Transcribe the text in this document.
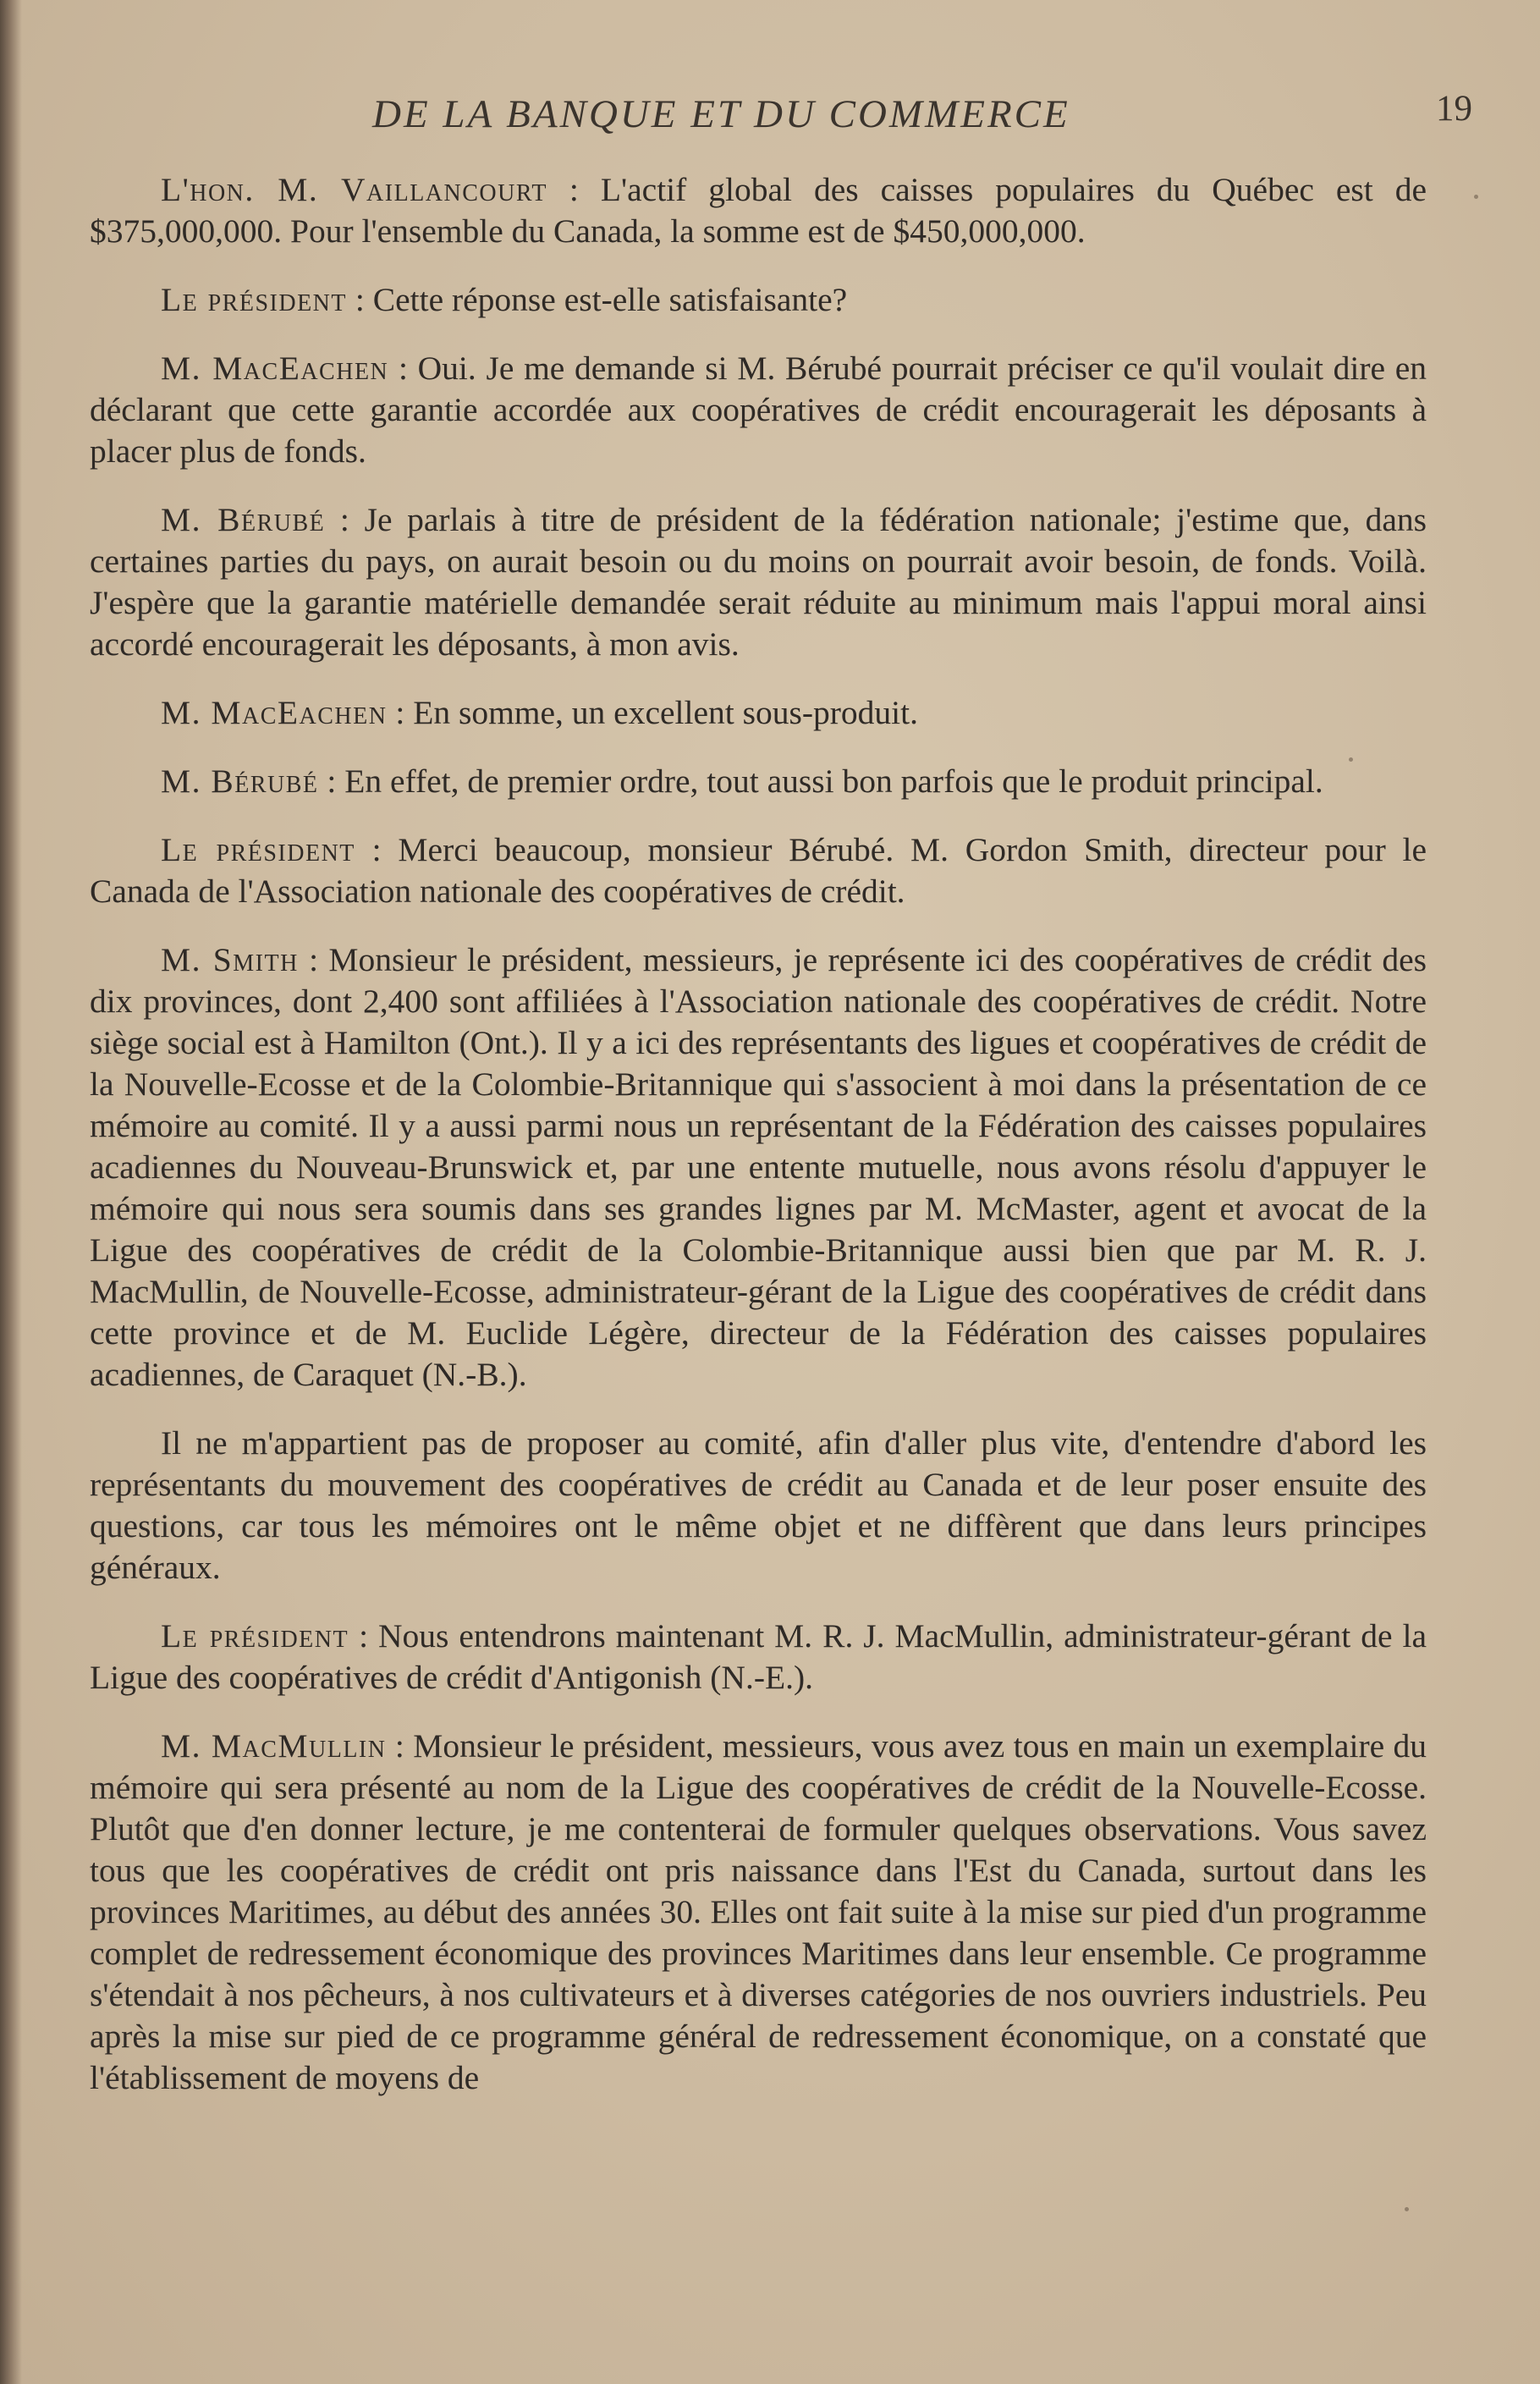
DE LA BANQUE ET DU COMMERCE	19

L'hon. M. Vaillancourt : L'actif global des caisses populaires du Québec est de $375,000,000. Pour l'ensemble du Canada, la somme est de $450,000,000.

Le président : Cette réponse est-elle satisfaisante?

M. MacEachen : Oui. Je me demande si M. Bérubé pourrait préciser ce qu'il voulait dire en déclarant que cette garantie accordée aux coopératives de crédit encouragerait les déposants à placer plus de fonds.

M. Bérubé : Je parlais à titre de président de la fédération nationale; j'estime que, dans certaines parties du pays, on aurait besoin ou du moins on pourrait avoir besoin, de fonds. Voilà. J'espère que la garantie matérielle demandée serait réduite au minimum mais l'appui moral ainsi accordé encouragerait les déposants, à mon avis.

M. MacEachen : En somme, un excellent sous-produit.

M. Bérubé : En effet, de premier ordre, tout aussi bon parfois que le produit principal.

Le président : Merci beaucoup, monsieur Bérubé. M. Gordon Smith, directeur pour le Canada de l'Association nationale des coopératives de crédit.

M. Smith : Monsieur le président, messieurs, je représente ici des coopératives de crédit des dix provinces, dont 2,400 sont affiliées à l'Association nationale des coopératives de crédit. Notre siège social est à Hamilton (Ont.). Il y a ici des représentants des ligues et coopératives de crédit de la Nouvelle-Ecosse et de la Colombie-Britannique qui s'associent à moi dans la présentation de ce mémoire au comité. Il y a aussi parmi nous un représentant de la Fédération des caisses populaires acadiennes du Nouveau-Brunswick et, par une entente mutuelle, nous avons résolu d'appuyer le mémoire qui nous sera soumis dans ses grandes lignes par M. McMaster, agent et avocat de la Ligue des coopératives de crédit de la Colombie-Britannique aussi bien que par M. R. J. MacMullin, de Nouvelle-Ecosse, administrateur-gérant de la Ligue des coopératives de crédit dans cette province et de M. Euclide Légère, directeur de la Fédération des caisses populaires acadiennes, de Caraquet (N.-B.).

Il ne m'appartient pas de proposer au comité, afin d'aller plus vite, d'entendre d'abord les représentants du mouvement des coopératives de crédit au Canada et de leur poser ensuite des questions, car tous les mémoires ont le même objet et ne diffèrent que dans leurs principes généraux.

Le président : Nous entendrons maintenant M. R. J. MacMullin, administrateur-gérant de la Ligue des coopératives de crédit d'Antigonish (N.-E.).

M. MacMullin : Monsieur le président, messieurs, vous avez tous en main un exemplaire du mémoire qui sera présenté au nom de la Ligue des coopératives de crédit de la Nouvelle-Ecosse. Plutôt que d'en donner lecture, je me contenterai de formuler quelques observations. Vous savez tous que les coopératives de crédit ont pris naissance dans l'Est du Canada, surtout dans les provinces Maritimes, au début des années 30. Elles ont fait suite à la mise sur pied d'un programme complet de redressement économique des provinces Maritimes dans leur ensemble. Ce programme s'étendait à nos pêcheurs, à nos cultivateurs et à diverses catégories de nos ouvriers industriels. Peu après la mise sur pied de ce programme général de redressement économique, on a constaté que l'établissement de moyens de
